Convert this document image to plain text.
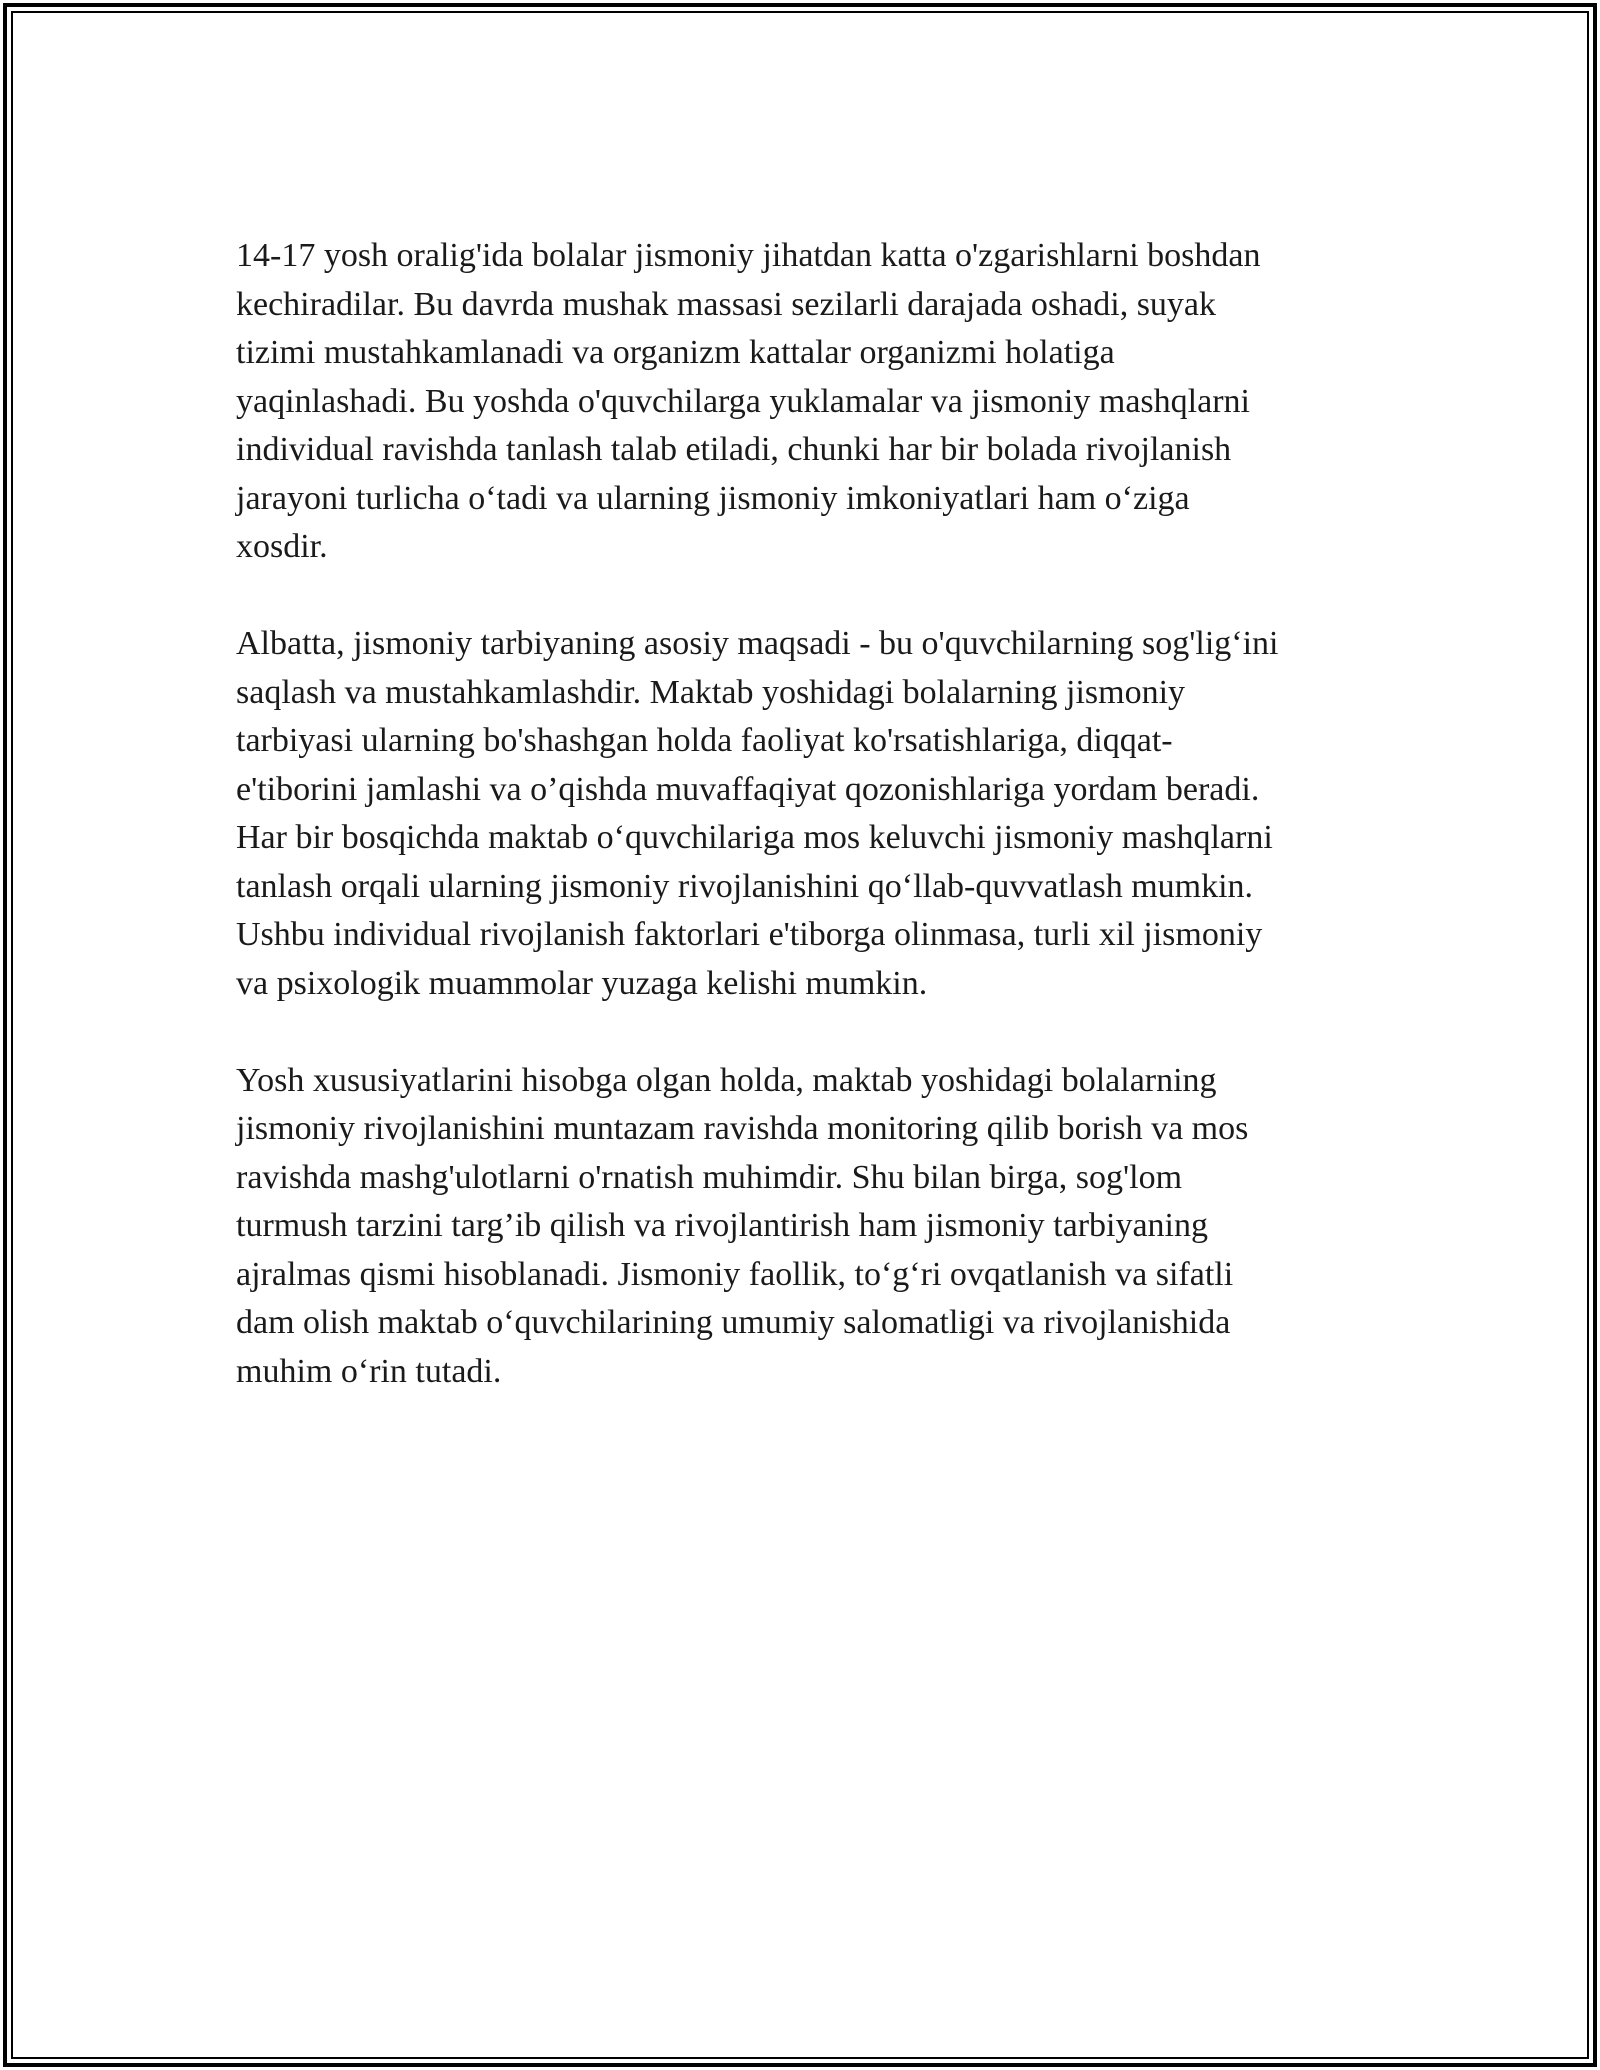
14-17 yosh oralig'ida bolalar jismoniy jihatdan katta o'zgarishlarni boshdan
kechiradilar. Bu davrda mushak massasi sezilarli darajada oshadi, suyak
tizimi mustahkamlanadi va organizm kattalar organizmi holatiga
yaqinlashadi. Bu yoshda o'quvchilarga yuklamalar va jismoniy mashqlarni
individual ravishda tanlash talab etiladi, chunki har bir bolada rivojlanish
jarayoni turlicha o‘tadi va ularning jismoniy imkoniyatlari ham o‘ziga
xosdir.

Albatta, jismoniy tarbiyaning asosiy maqsadi - bu o'quvchilarning sog'lig‘ini
saqlash va mustahkamlashdir. Maktab yoshidagi bolalarning jismoniy
tarbiyasi ularning bo'shashgan holda faoliyat ko'rsatishlariga, diqqat-
e'tiborini jamlashi va o’qishda muvaffaqiyat qozonishlariga yordam beradi.
Har bir bosqichda maktab o‘quvchilariga mos keluvchi jismoniy mashqlarni
tanlash orqali ularning jismoniy rivojlanishini qo‘llab-quvvatlash mumkin.
Ushbu individual rivojlanish faktorlari e'tiborga olinmasa, turli xil jismoniy
va psixologik muammolar yuzaga kelishi mumkin.

Yosh xususiyatlarini hisobga olgan holda, maktab yoshidagi bolalarning
jismoniy rivojlanishini muntazam ravishda monitoring qilib borish va mos
ravishda mashg'ulotlarni o'rnatish muhimdir. Shu bilan birga, sog'lom
turmush tarzini targ’ib qilish va rivojlantirish ham jismoniy tarbiyaning
ajralmas qismi hisoblanadi. Jismoniy faollik, to‘g‘ri ovqatlanish va sifatli
dam olish maktab o‘quvchilarining umumiy salomatligi va rivojlanishida
muhim o‘rin tutadi.
